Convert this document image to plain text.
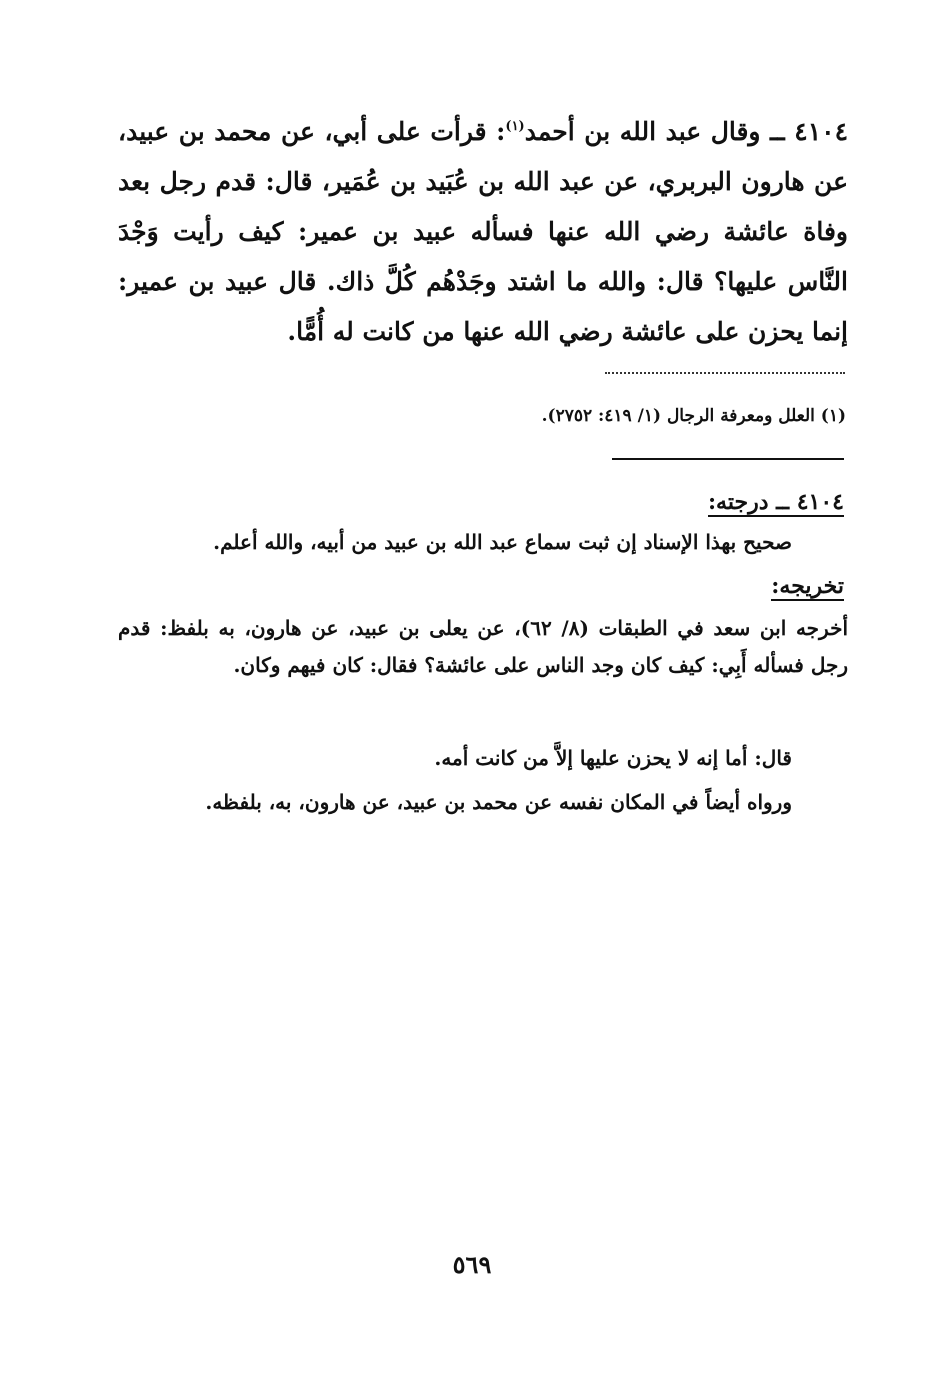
٤١٠٤ ــ وقال عبد الله بن أحمد$^{(١)}$: قرأت على أبي، عن محمد بن عبيد، عن هارون البربري، عن عبد الله بن عُبَيد بن عُمَير، قال: قدم رجل بعد وفاة عائشة رضي الله عنها فسأله عبيد بن عمير: كيف رأيت وَجْدَ النَّاس عليها؟ قال: والله ما اشتد وجَدْهُم كُلَّ ذاك. قال عبيد بن عمير: إنما يحزن على عائشة رضي الله عنها من كانت له أُمًّا.
(١) العلل ومعرفة الرجال (١/ ٤١٩: ٢٧٥٢).
٤١٠٤ ــ درجته:
صحيح بهذا الإسناد إن ثبت سماع عبد الله بن عبيد من أبيه، والله أعلم.
تخريجه:
أخرجه ابن سعد في الطبقات (٨/ ٦٢)، عن يعلى بن عبيد، عن هارون، به بلفظ: قدم رجل فسأله أَبِي: كيف كان وجد الناس على عائشة؟ فقال: كان فيهم وكان.
قال: أما إنه لا يحزن عليها إلاَّ من كانت أمه.
ورواه أيضاً في المكان نفسه عن محمد بن عبيد، عن هارون، به، بلفظه.
٥٦٩
